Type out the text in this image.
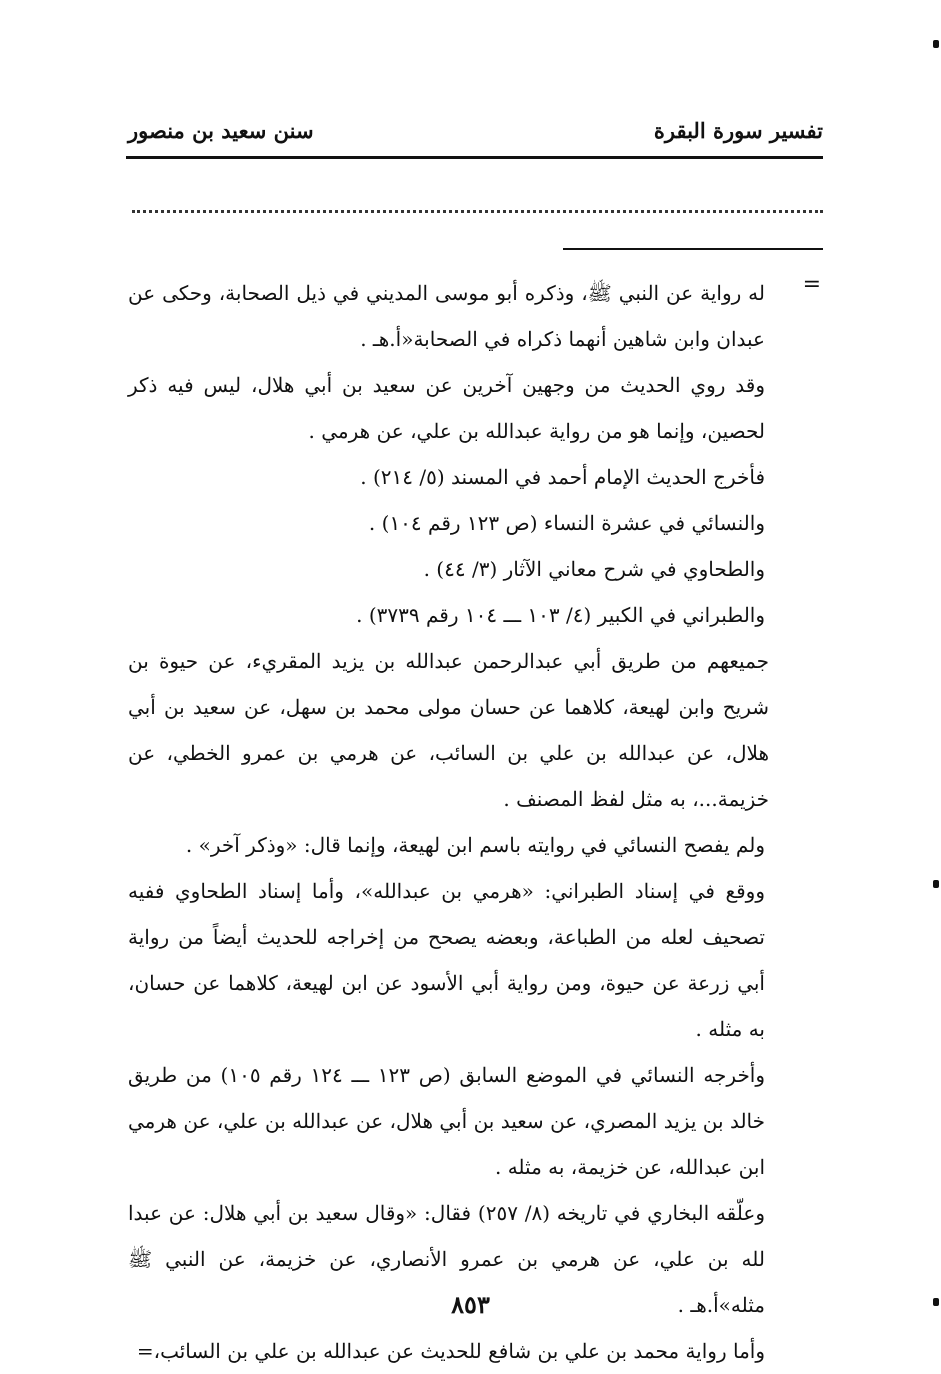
تفسير سورة البقرة
سنن سعيد بن منصور
=

له رواية عن النبي ﷺ، وذكره أبو موسى المديني في ذيل الصحابة، وحكى عن عبدان وابن شاهين أنهما ذكراه في الصحابة«أ.هـ .

وقد روي الحديث من وجهين آخرين عن سعيد بن أبي هلال، ليس فيه ذكر لحصين، وإنما هو من رواية عبدالله بن علي، عن هرمي .

فأخرج الحديث الإمام أحمد في المسند (٥/ ٢١٤) .

والنسائي في عشرة النساء (ص ١٢٣ رقم ١٠٤) .

والطحاوي في شرح معاني الآثار (٣/ ٤٤) .

والطبراني في الكبير (٤/ ١٠٣ ـــ ١٠٤ رقم ٣٧٣٩) .

جميعهم من طريق أبي عبدالرحمن عبدالله بن يزيد المقريء، عن حيوة بن شريح وابن لهيعة، كلاهما عن حسان مولى محمد بن سهل، عن سعيد بن أبي هلال، عن عبدالله بن علي بن السائب، عن هرمي بن عمرو الخطي، عن خزيمة...، به مثل لفظ المصنف .

ولم يفصح النسائي في روايته باسم ابن لهيعة، وإنما قال: «وذكر آخر» .

ووقع في إسناد الطبراني: «هرمي بن عبدالله»، وأما إسناد الطحاوي ففيه تصحيف لعله من الطباعة، وبعضه يصحح من إخراجه للحديث أيضاً من رواية أبي زرعة عن حيوة، ومن رواية أبي الأسود عن ابن لهيعة، كلاهما عن حسان، به مثله .

وأخرجه النسائي في الموضع السابق (ص ١٢٣ ـــ ١٢٤ رقم ١٠٥) من طريق خالد بن يزيد المصري، عن سعيد بن أبي هلال، عن عبدالله بن علي، عن هرمي ابن عبدالله، عن خزيمة، به مثله .

وعلّقه البخاري في تاريخه (٨/ ٢٥٧) فقال: «وقال سعيد بن أبي هلال: عن عبدا لله بن علي، عن هرمي بن عمرو الأنصاري، عن خزيمة، عن النبي ﷺ مثله»أ.هـ .

وأما رواية محمد بن علي بن شافع للحديث عن عبدالله بن علي بن السائب،=

٨٥٣
